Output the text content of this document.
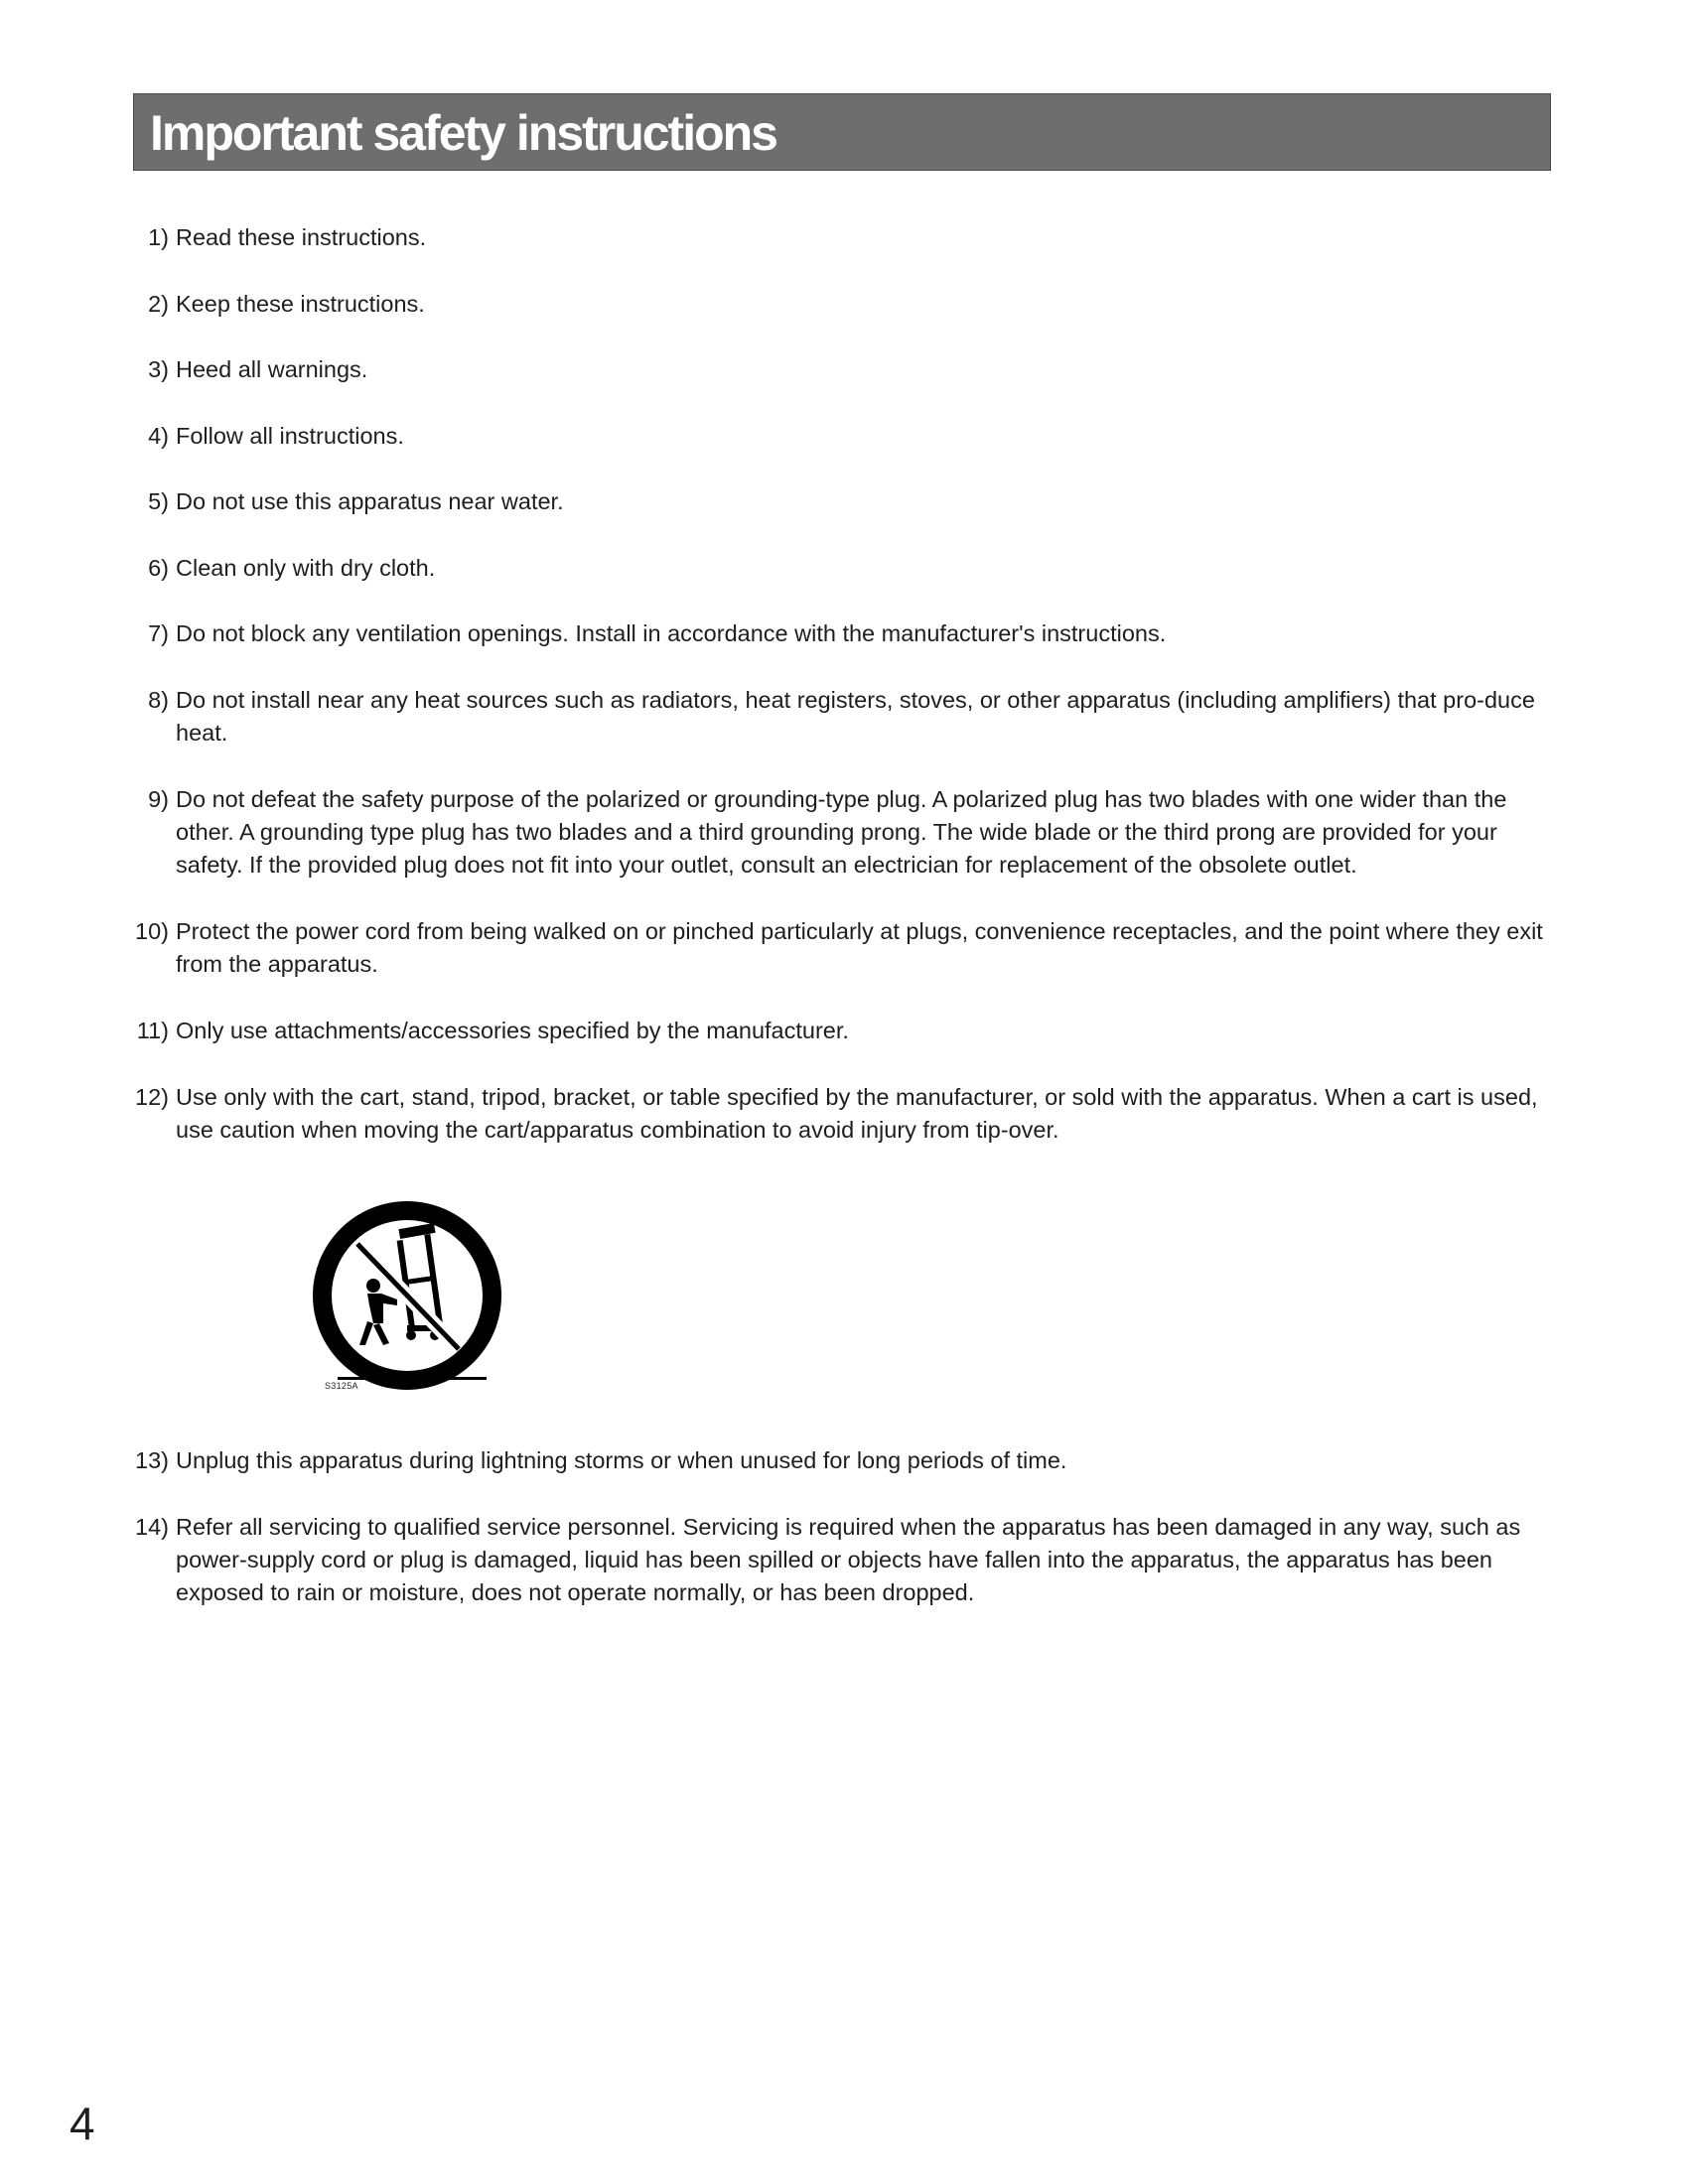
Important safety instructions
1) Read these instructions.
2) Keep these instructions.
3) Heed all warnings.
4) Follow all instructions.
5) Do not use this apparatus near water.
6) Clean only with dry cloth.
7) Do not block any ventilation openings. Install in accordance with the manufacturer's instructions.
8) Do not install near any heat sources such as radiators, heat registers, stoves, or other apparatus (including amplifiers) that pro-duce heat.
9) Do not defeat the safety purpose of the polarized or grounding-type plug. A polarized plug has two blades with one wider than the other. A grounding type plug has two blades and a third grounding prong. The wide blade or the third prong are provided for your safety. If the provided plug does not fit into your outlet, consult an electrician for replacement of the obsolete outlet.
10) Protect the power cord from being walked on or pinched particularly at plugs, convenience receptacles, and the point where they exit from the apparatus.
11) Only use attachments/accessories specified by the manufacturer.
12) Use only with the cart, stand, tripod, bracket, or table specified by the manufacturer, or sold with the apparatus. When a cart is used, use caution when moving the cart/apparatus combination to avoid injury from tip-over.
13) Unplug this apparatus during lightning storms or when unused for long periods of time.
14) Refer all servicing to qualified service personnel. Servicing is required when the apparatus has been damaged in any way, such as power-supply cord or plug is damaged, liquid has been spilled or objects have fallen into the apparatus, the apparatus has been exposed to rain or moisture, does not operate normally, or has been dropped.
S3125A
4
